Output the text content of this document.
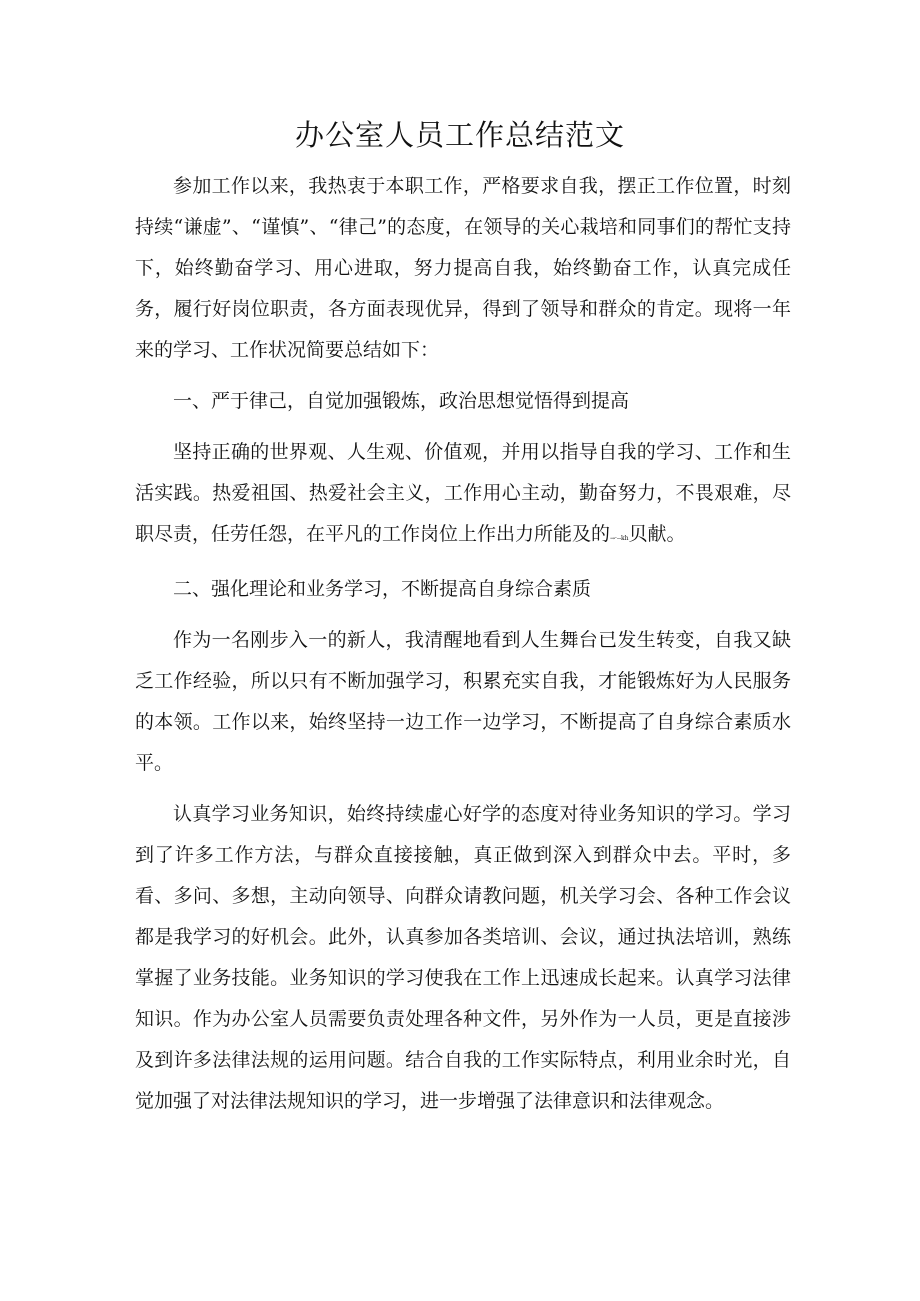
办公室人员工作总结范文

参加工作以来，我热衷于本职工作，严格要求自我，摆正工作位置，时刻持续“谦虚”、“谨慎”、“律己”的态度，在领导的关心栽培和同事们的帮忙支持下，始终勤奋学习、用心进取，努力提高自我，始终勤奋工作，认真完成任务，履行好岗位职责，各方面表现优异，得到了领导和群众的肯定。现将一年来的学习、工作状况简要总结如下：

一、严于律己，自觉加强锻炼，政治思想觉悟得到提高

坚持正确的世界观、人生观、价值观，并用以指导自我的学习、工作和生活实践。热爱祖国、热爱社会主义，工作用心主动，勤奋努力，不畏艰难，尽职尽责，任劳任怨，在平凡的工作岗位上作出力所能及的→·--kh贝献。

二、强化理论和业务学习，不断提高自身综合素质

作为一名刚步入一的新人，我清醒地看到人生舞台已发生转变，自我又缺乏工作经验，所以只有不断加强学习，积累充实自我，才能锻炼好为人民服务的本领。工作以来，始终坚持一边工作一边学习，不断提高了自身综合素质水平。

认真学习业务知识，始终持续虚心好学的态度对待业务知识的学习。学习到了许多工作方法，与群众直接接触，真正做到深入到群众中去。平时，多看、多问、多想，主动向领导、向群众请教问题，机关学习会、各种工作会议都是我学习的好机会。此外，认真参加各类培训、会议，通过执法培训，熟练掌握了业务技能。业务知识的学习使我在工作上迅速成长起来。认真学习法律知识。作为办公室人员需要负责处理各种文件，另外作为一人员，更是直接涉及到许多法律法规的运用问题。结合自我的工作实际特点，利用业余时光，自觉加强了对法律法规知识的学习，进一步增强了法律意识和法律观念。
